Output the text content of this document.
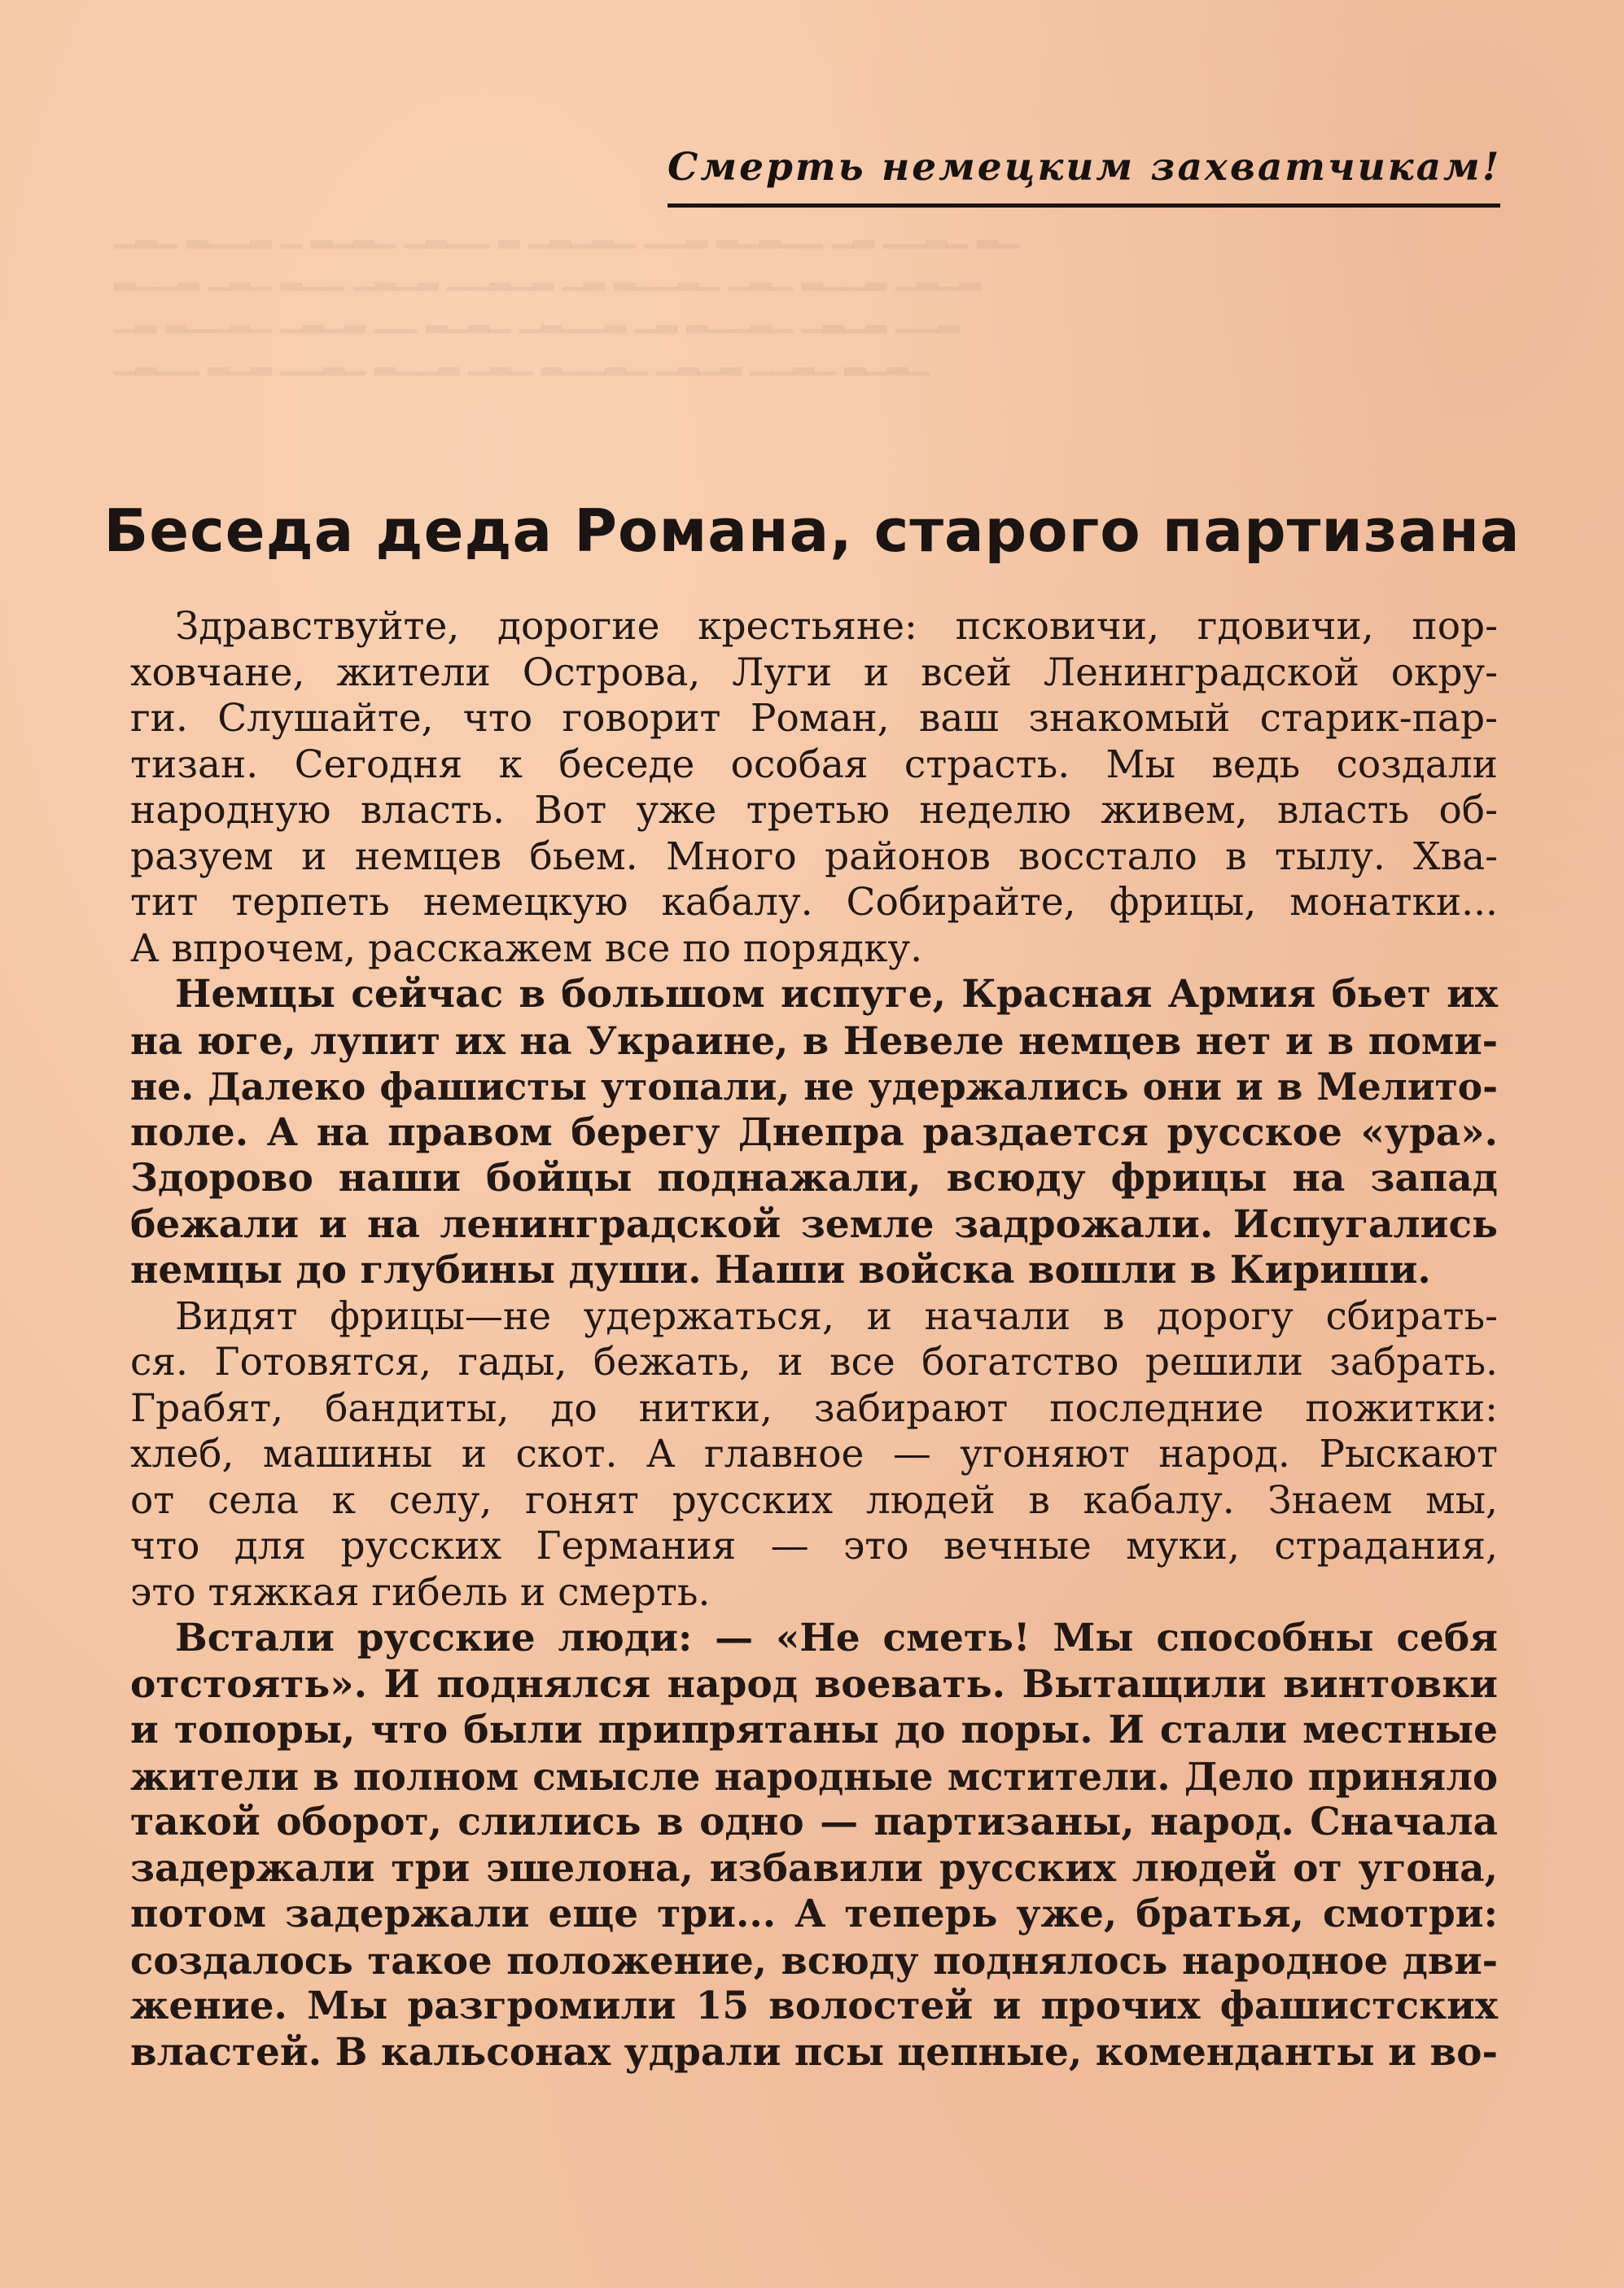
▁▂▁ ▂▁▁▂ ▁ ▂▁▂▁ ▁▂▁▁ ▂ ▁▂▁▂▁ ▁▁▂ ▂▁▂▁▁ ▁▂ ▁▁▂▁ ▂▁
▂▁▁▂ ▁▂▁ ▂▁▁ ▁▂▁▂ ▁▁▂▁▂ ▁▂ ▂▁▁▂▁ ▁▂▁ ▂▁▁▂ ▁▂▁▂
▁▂ ▂▁▁▂▁ ▁▂▁▂ ▁▁ ▂▁▂▁ ▁▂▁▁▂ ▁▂ ▂▁▁▂▁ ▁▂▁▂ ▁▁▂
▁▂▁▁ ▂▁▂ ▁▁▂▁ ▂▁▁▂ ▁▂▁ ▂▁▁▂▁ ▁▂▁▂ ▁▁▂▁ ▂▁▂▁
Смерть немецким захватчикам!
Беседа деда Романа, старого партизана

Здравствуйте, дорогие крестьяне: псковичи, гдовичи, пор-
ховчане, жители Острова, Луги и всей Ленинградской окру-
ги. Слушайте, что говорит Роман, ваш знакомый старик-пар-
тизан. Сегодня к беседе особая страсть. Мы ведь создали
народную власть. Вот уже третью неделю живем, власть об-
разуем и немцев бьем. Много районов восстало в тылу. Хва-
тит терпеть немецкую кабалу. Собирайте, фрицы, монатки...
А впрочем, расскажем все по порядку.

Немцы сейчас в большом испуге, Красная Армия бьет их
на юге, лупит их на Украине, в Невеле немцев нет и в поми-
не. Далеко фашисты утопали, не удержались они и в Мелито-
поле. А на правом берегу Днепра раздается русское «ура».
Здорово наши бойцы поднажали, всюду фрицы на запад
бежали и на ленинградской земле задрожали. Испугались
немцы до глубины души. Наши войска вошли в Кириши.

Видят фрицы—не удержаться, и начали в дорогу сбирать-
ся. Готовятся, гады, бежать, и все богатство решили забрать.
Грабят, бандиты, до нитки, забирают последние пожитки:
хлеб, машины и скот. А главное — угоняют народ. Рыскают
от села к селу, гонят русских людей в кабалу. Знаем мы,
что для русских Германия — это вечные муки, страдания,
это тяжкая гибель и смерть.

Встали русские люди: — «Не сметь! Мы способны себя
отстоять». И поднялся народ воевать. Вытащили винтовки
и топоры, что были припрятаны до поры. И стали местные
жители в полном смысле народные мстители. Дело приняло
такой оборот, слились в одно — партизаны, народ. Сначала
задержали три эшелона, избавили русских людей от угона,
потом задержали еще три... А теперь уже, братья, смотри:
создалось такое положение, всюду поднялось народное дви-
жение. Мы разгромили 15 волостей и прочих фашистских
властей. В кальсонах удрали псы цепные, коменданты и во-
